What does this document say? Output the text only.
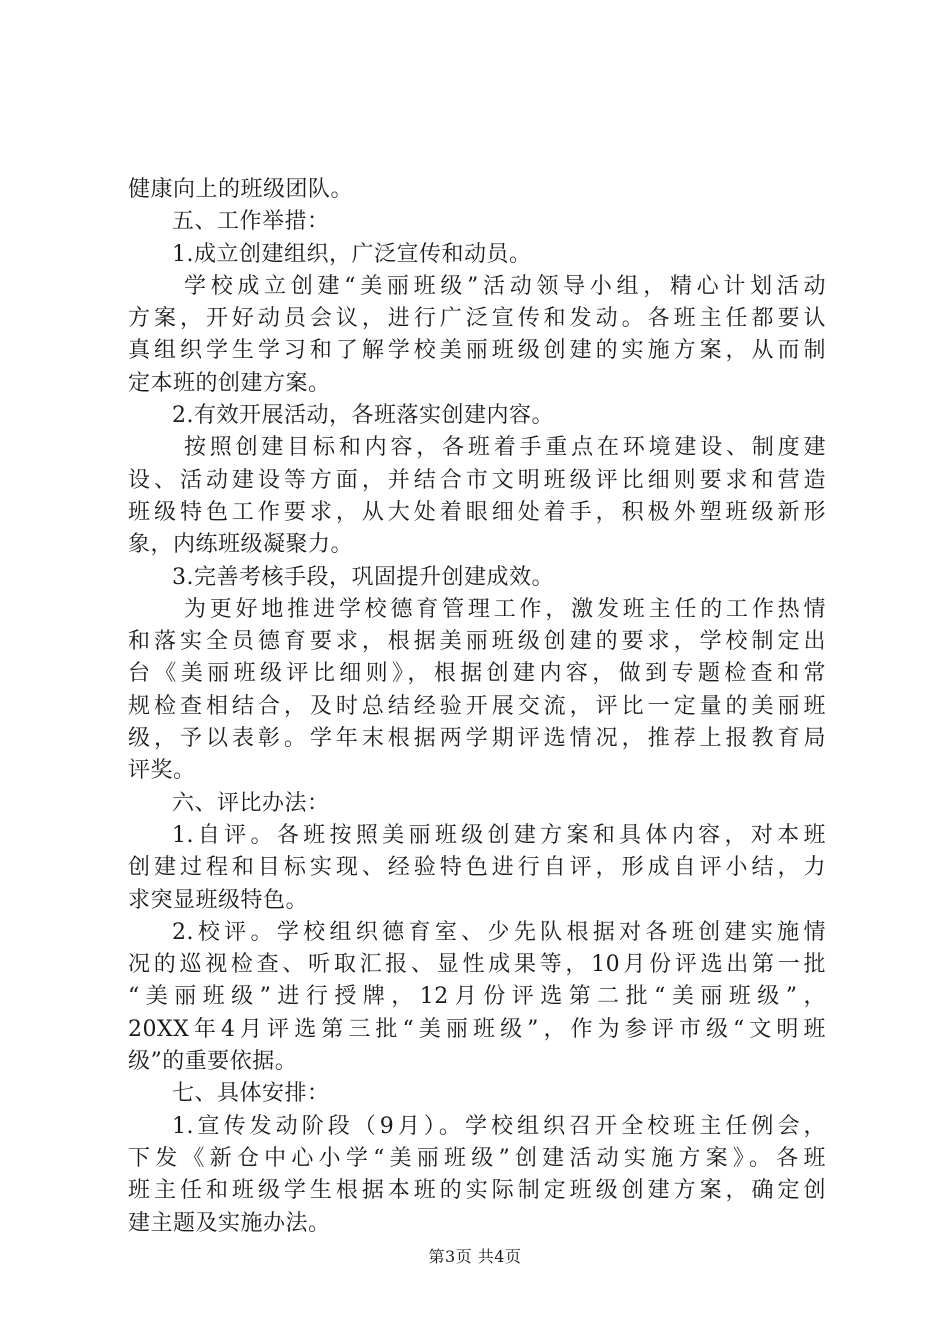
健康向上的班级团队。
五、工作举措：
1.成立创建组织，广泛宣传和动员。
学校成立创建“美丽班级”活动领导小组，精心计划活动
方案，开好动员会议，进行广泛宣传和发动。各班主任都要认
真组织学生学习和了解学校美丽班级创建的实施方案，从而制
定本班的创建方案。
2.有效开展活动，各班落实创建内容。
按照创建目标和内容，各班着手重点在环境建设、制度建
设、活动建设等方面，并结合市文明班级评比细则要求和营造
班级特色工作要求，从大处着眼细处着手，积极外塑班级新形
象，内练班级凝聚力。
3.完善考核手段，巩固提升创建成效。
为更好地推进学校德育管理工作，激发班主任的工作热情
和落实全员德育要求，根据美丽班级创建的要求，学校制定出
台《美丽班级评比细则》，根据创建内容，做到专题检查和常
规检查相结合，及时总结经验开展交流，评比一定量的美丽班
级，予以表彰。学年末根据两学期评选情况，推荐上报教育局
评奖。
六、评比办法：
1.自评。各班按照美丽班级创建方案和具体内容，对本班
创建过程和目标实现、经验特色进行自评，形成自评小结，力
求突显班级特色。
2.校评。学校组织德育室、少先队根据对各班创建实施情
况的巡视检查、听取汇报、显性成果等，10月份评选出第一批
“美丽班级”进行授牌，12月份评选第二批“美丽班级”，
20XX年4月评选第三批“美丽班级”，作为参评市级“文明班
级”的重要依据。
七、具体安排：
1.宣传发动阶段（9月）。学校组织召开全校班主任例会，
下发《新仓中心小学“美丽班级”创建活动实施方案》。各班
班主任和班级学生根据本班的实际制定班级创建方案，确定创
建主题及实施办法。
第3页 共4页
